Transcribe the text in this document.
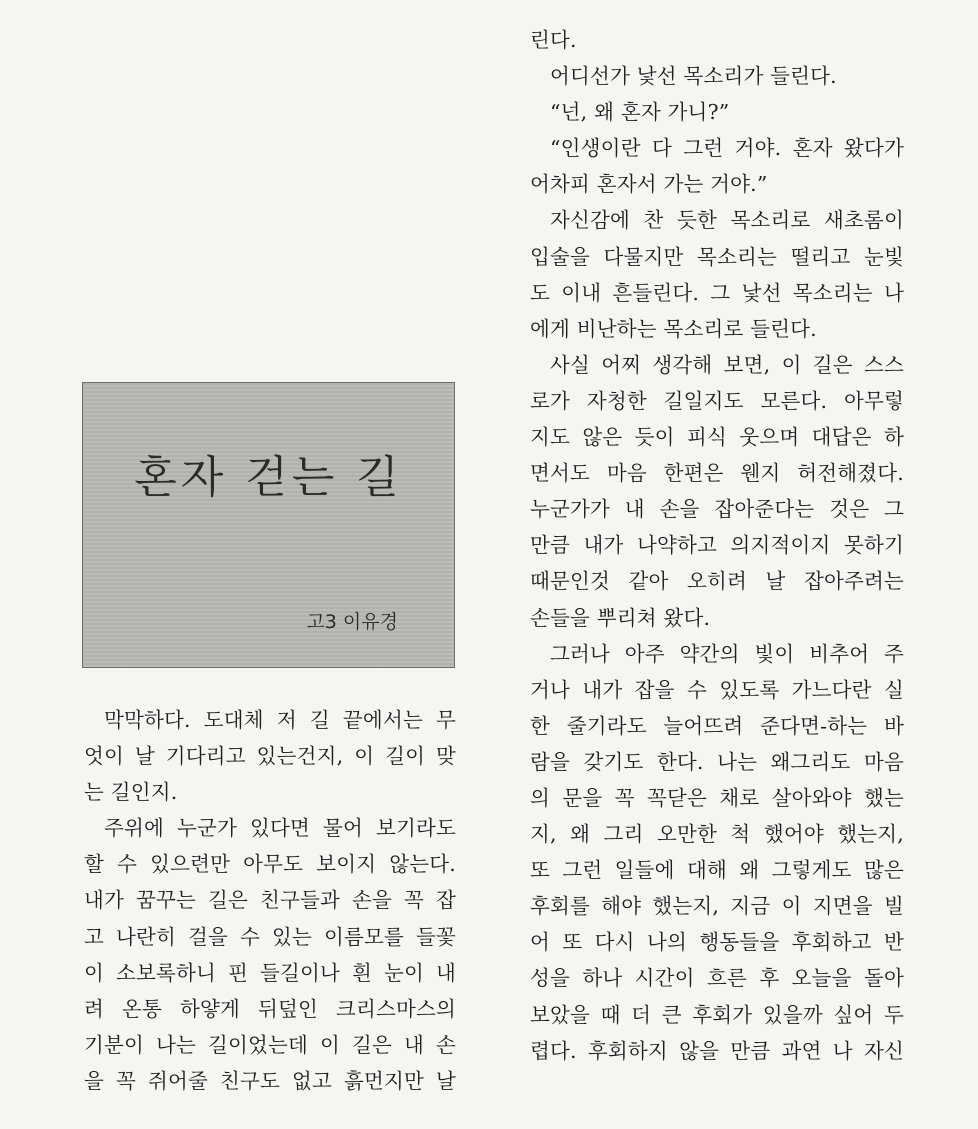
혼자 걷는 길
고3 이유경
막막하다. 도대체 저 길 끝에서는 무
엇이 날 기다리고 있는건지, 이 길이 맞
는 길인지.
주위에 누군가 있다면 물어 보기라도
할 수 있으련만 아무도 보이지 않는다.
내가 꿈꾸는 길은 친구들과 손을 꼭 잡
고 나란히 걸을 수 있는 이름모를 들꽃
이 소보록하니 핀 들길이나 흰 눈이 내
려 온통 하얗게 뒤덮인 크리스마스의
기분이 나는 길이었는데 이 길은 내 손
을 꼭 쥐어줄 친구도 없고 흙먼지만 날
린다.
어디선가 낯선 목소리가 들린다.
“넌, 왜 혼자 가니?”
“인생이란 다 그런 거야. 혼자 왔다가
어차피 혼자서 가는 거야.”
자신감에 찬 듯한 목소리로 새초롬이
입술을 다물지만 목소리는 떨리고 눈빛
도 이내 흔들린다. 그 낯선 목소리는 나
에게 비난하는 목소리로 들린다.
사실 어찌 생각해 보면, 이 길은 스스
로가 자청한 길일지도 모른다. 아무렇
지도 않은 듯이 피식 웃으며 대답은 하
면서도 마음 한편은 웬지 허전해졌다.
누군가가 내 손을 잡아준다는 것은 그
만큼 내가 나약하고 의지적이지 못하기
때문인것 같아 오히려 날 잡아주려는
손들을 뿌리쳐 왔다.
그러나 아주 약간의 빛이 비추어 주
거나 내가 잡을 수 있도록 가느다란 실
한 줄기라도 늘어뜨려 준다면-하는 바
람을 갖기도 한다. 나는 왜그리도 마음
의 문을 꼭 꼭닫은 채로 살아와야 했는
지, 왜 그리 오만한 척 했어야 했는지,
또 그런 일들에 대해 왜 그렇게도 많은
후회를 해야 했는지, 지금 이 지면을 빌
어 또 다시 나의 행동들을 후회하고 반
성을 하나 시간이 흐른 후 오늘을 돌아
보았을 때 더 큰 후회가 있을까 싶어 두
렵다. 후회하지 않을 만큼 과연 나 자신
